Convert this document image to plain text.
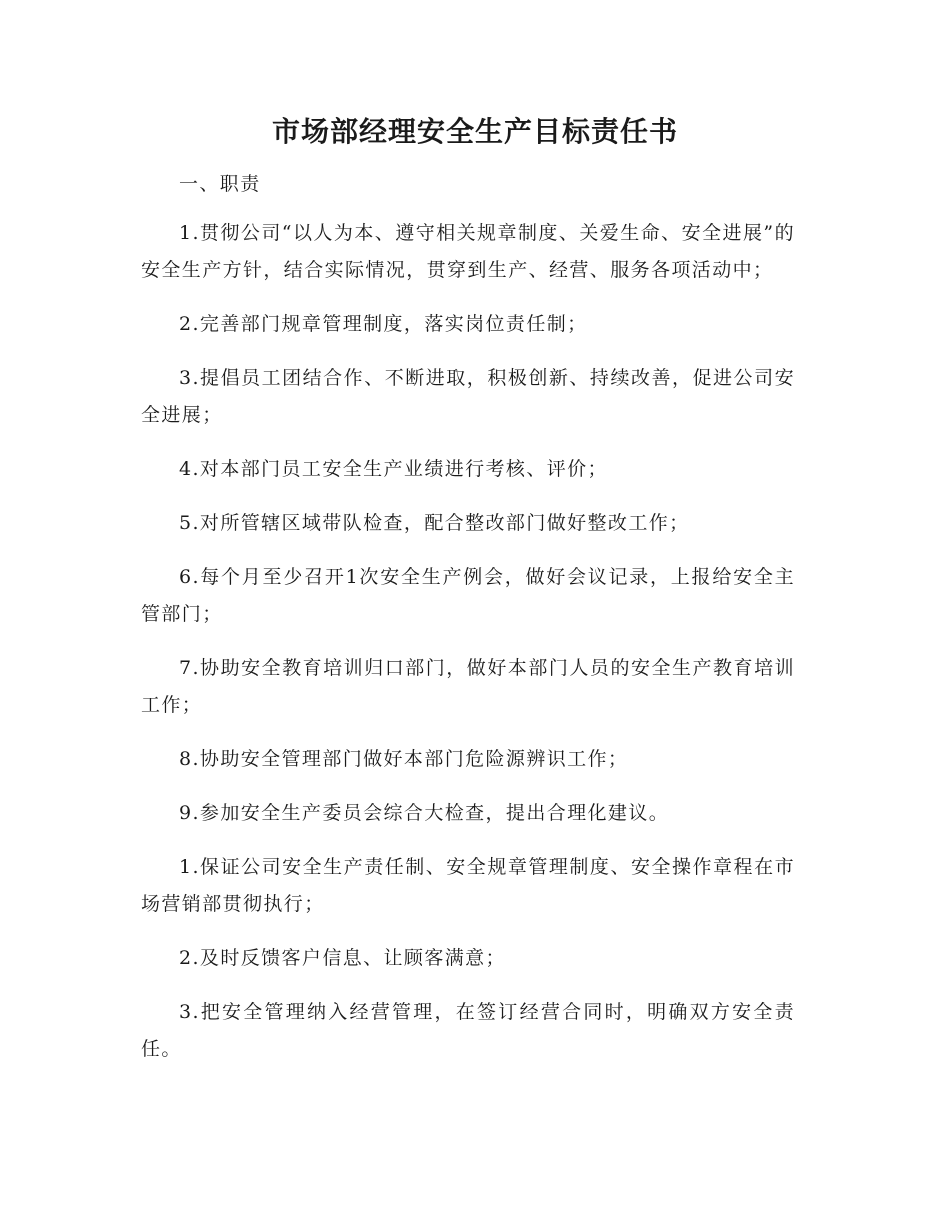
市场部经理安全生产目标责任书

一、职责

1.贯彻公司“以人为本、遵守相关规章制度、关爱生命、安全进展”的安全生产方针，结合实际情况，贯穿到生产、经营、服务各项活动中；

2.完善部门规章管理制度，落实岗位责任制；

3.提倡员工团结合作、不断进取，积极创新、持续改善，促进公司安全进展；

4.对本部门员工安全生产业绩进行考核、评价；

5.对所管辖区域带队检查，配合整改部门做好整改工作；

6.每个月至少召开1次安全生产例会，做好会议记录，上报给安全主管部门；

7.协助安全教育培训归口部门，做好本部门人员的安全生产教育培训工作；

8.协助安全管理部门做好本部门危险源辨识工作；

9.参加安全生产委员会综合大检查，提出合理化建议。

1.保证公司安全生产责任制、安全规章管理制度、安全操作章程在市场营销部贯彻执行；

2.及时反馈客户信息、让顾客满意；

3.把安全管理纳入经营管理，在签订经营合同时，明确双方安全责任。
